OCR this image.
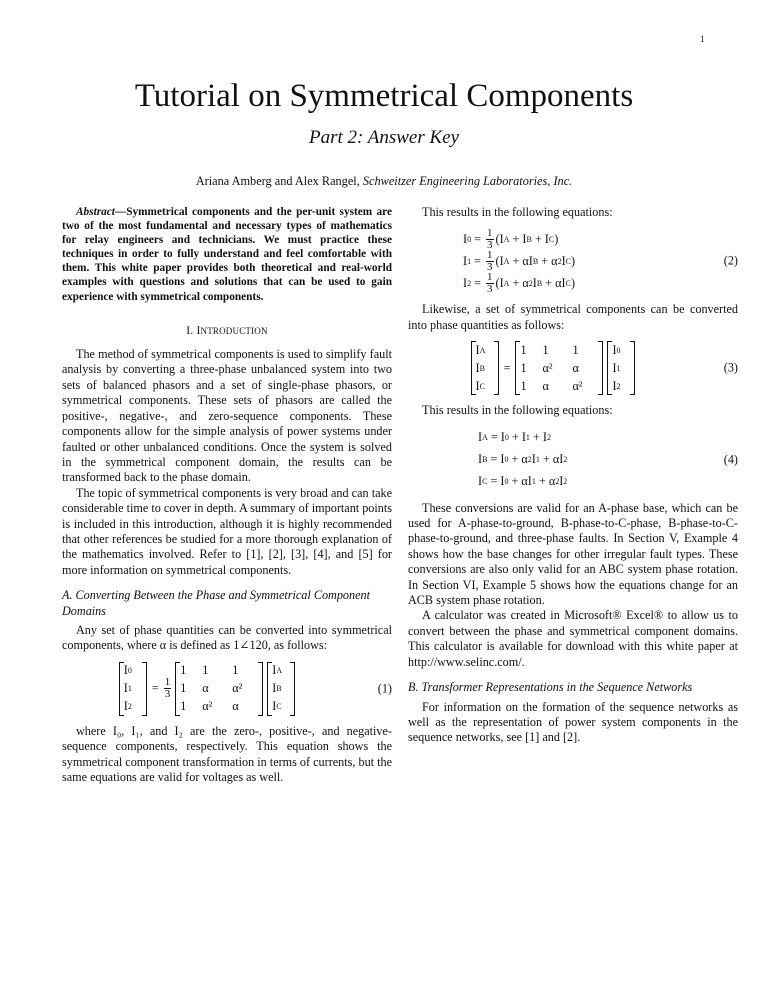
1
Tutorial on Symmetrical Components
Part 2: Answer Key
Ariana Amberg and Alex Rangel, Schweitzer Engineering Laboratories, Inc.

Abstract—Symmetrical components and the per-unit system are two of the most fundamental and necessary types of mathematics for relay engineers and technicians. We must practice these techniques in order to fully understand and feel comfortable with them. This white paper provides both theoretical and real-world examples with questions and solutions that can be used to gain experience with symmetrical components.

I. INTRODUCTION

The method of symmetrical components is used to simplify fault analysis by converting a three-phase unbalanced system into two sets of balanced phasors and a set of single-phase phasors, or symmetrical components. These sets of phasors are called the positive-, negative-, and zero-sequence components. These components allow for the simple analysis of power systems under faulted or other unbalanced conditions. Once the system is solved in the symmetrical component domain, the results can be transformed back to the phase domain.

The topic of symmetrical components is very broad and can take considerable time to cover in depth. A summary of important points is included in this introduction, although it is highly recommended that other references be studied for a more thorough explanation of the mathematics involved. Refer to [1], [2], [3], [4], and [5] for more information on symmetrical components.

A. Converting Between the Phase and Symmetrical Component Domains

Any set of phase quantities can be converted into symmetrical components, where α is defined as 1∠120, as follows:

I 0
I 1
I 2
= $\frac{1}{3}$
1	1	1
1	α	α²
1	α²	α
I A
I B
I C
(1)

where I₀, I₁, and I₂ are the zero-, positive-, and negative-sequence components, respectively. This equation shows the symmetrical component transformation in terms of currents, but the same equations are valid for voltages as well.

This results in the following equations:

I $0 = \frac{1}{3} (I$ A + I B + I C )
I $1 = \frac{1}{3} (I$ A + αI B + α 2 I C )
I $2 = \frac{1}{3} (I$ A + α 2 I B + αI C )
(2)

Likewise, a set of symmetrical components can be converted into phase quantities as follows:

I A
I B
I C
=
1	1	1
1	α²	α
1	α	α²
I 0
I 1
I 2
(3)

This results in the following equations:

I A = I 0 + I 1 + I 2
I B = I 0 + α 2 I 1 + αI 2
I C = I 0 + αI 1 + α 2 I 2
(4)

These conversions are valid for an A-phase base, which can be used for A-phase-to-ground, B-phase-to-C-phase, B-phase-to-C-phase-to-ground, and three-phase faults. In Section V, Example 4 shows how the base changes for other irregular fault types. These conversions are also only valid for an ABC system phase rotation. In Section VI, Example 5 shows how the equations change for an ACB system phase rotation.

A calculator was created in Microsoft® Excel® to allow us to convert between the phase and symmetrical component domains. This calculator is available for download with this white paper at http://www.selinc.com/.

B. Transformer Representations in the Sequence Networks

For information on the formation of the sequence networks as well as the representation of power system components in the sequence networks, see [1] and [2].
